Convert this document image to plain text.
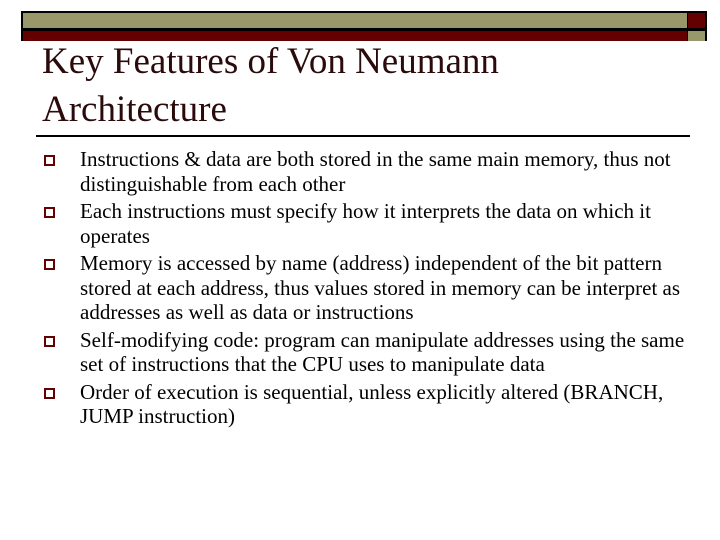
Key Features of Von Neumann Architecture
Instructions & data are both stored in the same main memory, thus not distinguishable from each other
Each instructions must specify how it interprets the data on which it operates
Memory is accessed by name (address) independent of the bit pattern stored at each address, thus values stored in memory can be interpret as addresses as well as data or instructions
Self-modifying code: program can manipulate addresses using the same set of instructions that the CPU uses to manipulate data
Order of execution is sequential, unless explicitly altered (BRANCH, JUMP instruction)
